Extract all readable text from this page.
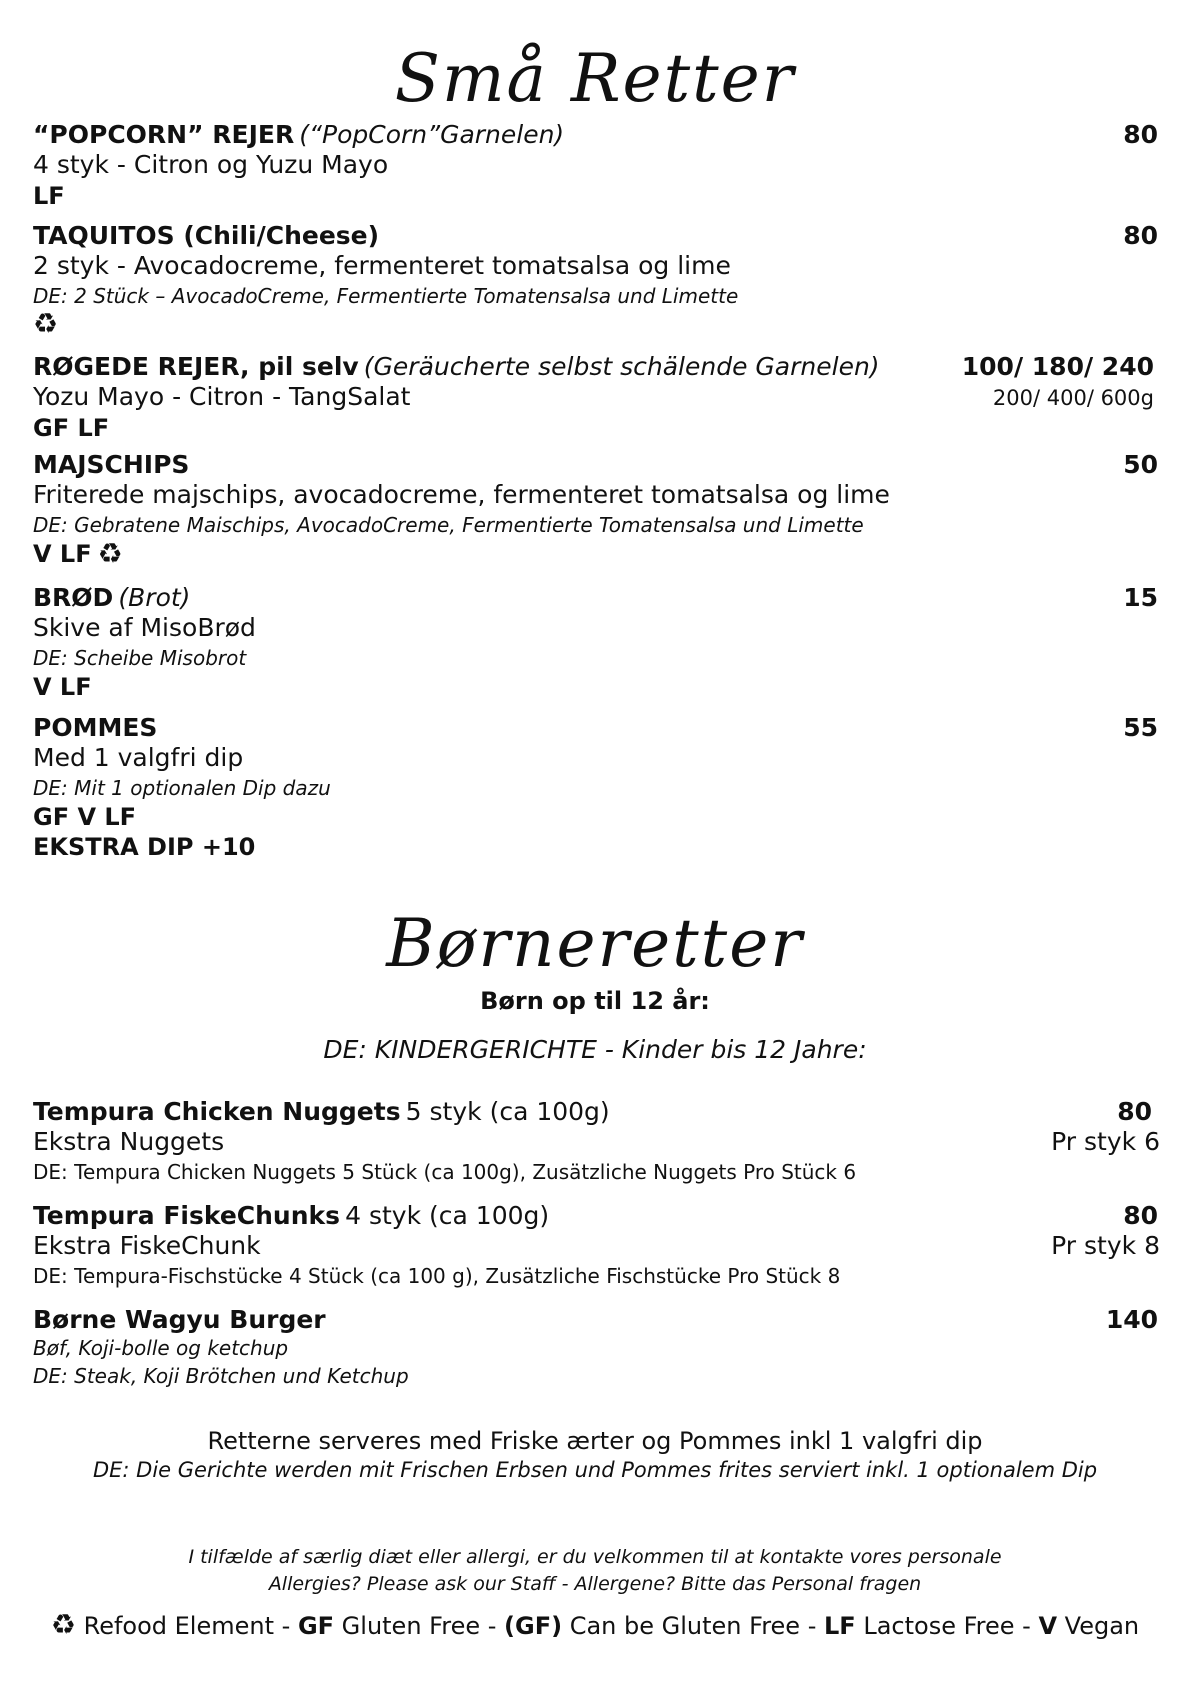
Små Retter
“POPCORN” REJER (“PopCorn”Garnelen)	80
4 styk - Citron og Yuzu Mayo
LF
TAQUITOS (Chili/Cheese)	80
2 styk - Avocadocreme, fermenteret tomatsalsa og lime
DE: 2 Stück – AvocadoCreme, Fermentierte Tomatensalsa und Limette
♻
RØGEDE REJER, pil selv (Geräucherte selbst schälende Garnelen)	100/ 180/ 240
Yozu Mayo - Citron - TangSalat	200/ 400/ 600g
GF LF
MAJSCHIPS	50
Friterede majschips, avocadocreme, fermenteret tomatsalsa og lime
DE: Gebratene Maischips, AvocadoCreme, Fermentierte Tomatensalsa und Limette
V LF ♻
BRØD (Brot)	15
Skive af MisoBrød
DE: Scheibe Misobrot
V LF
POMMES	55
Med 1 valgfri dip
DE: Mit 1 optionalen Dip dazu
GF V LF
EKSTRA DIP +10
Børneretter
Børn op til 12 år:
DE: KINDERGERICHTE - Kinder bis 12 Jahre:
Tempura Chicken Nuggets 5 styk (ca 100g)	80
Ekstra Nuggets	Pr styk 6
DE: Tempura Chicken Nuggets 5 Stück (ca 100g), Zusätzliche Nuggets Pro Stück 6
Tempura FiskeChunks 4 styk (ca 100g)	80
Ekstra FiskeChunk	Pr styk 8
DE: Tempura-Fischstücke 4 Stück (ca 100 g), Zusätzliche Fischstücke Pro Stück 8
Børne Wagyu Burger	140
Bøf, Koji-bolle og ketchup
DE: Steak, Koji Brötchen und Ketchup
Retterne serveres med Friske ærter og Pommes inkl 1 valgfri dip
DE: Die Gerichte werden mit Frischen Erbsen und Pommes frites serviert inkl. 1 optionalem Dip
I tilfælde af særlig diæt eller allergi, er du velkommen til at kontakte vores personale
Allergies? Please ask our Staff - Allergene? Bitte das Personal fragen
♻ Refood Element - GF Gluten Free - (GF) Can be Gluten Free - LF Lactose Free - V Vegan
